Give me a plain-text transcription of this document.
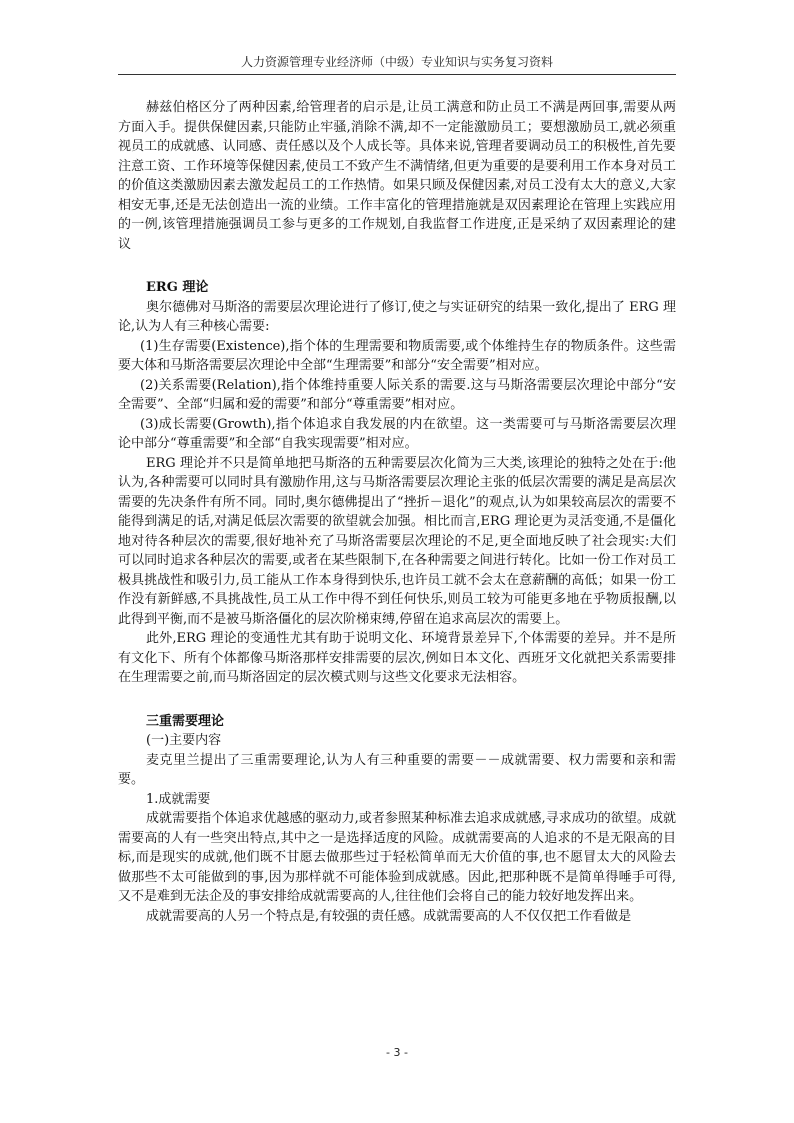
人力资源管理专业经济师（中级）专业知识与实务复习资料

赫兹伯格区分了两种因素,给管理者的启示是,让员工满意和防止员工不满是两回事,需要从两方面入手。提供保健因素,只能防止牢骚,消除不满,却不一定能激励员工；要想激励员工,就必须重视员工的成就感、认同感、责任感以及个人成长等。具体来说,管理者要调动员工的积极性,首先要注意工资、工作环境等保健因素,使员工不致产生不满情绪,但更为重要的是要利用工作本身对员工的价值这类激励因素去激发起员工的工作热情。如果只顾及保健因素,对员工没有太大的意义,大家相安无事,还是无法创造出一流的业绩。工作丰富化的管理措施就是双因素理论在管理上实践应用的一例,该管理措施强调员工参与更多的工作规划,自我监督工作进度,正是采纳了双因素理论的建议

ERG 理论

奥尔德佛对马斯洛的需要层次理论进行了修订,使之与实证研究的结果一致化,提出了 ERG 理论,认为人有三种核心需要:

(1)生存需要(Existence),指个体的生理需要和物质需要,或个体维持生存的物质条件。这些需要大体和马斯洛需要层次理论中全部“生理需要”和部分“安全需要”相对应。

(2)关系需要(Relation),指个体维持重要人际关系的需要.这与马斯洛需要层次理论中部分“安全需要”、全部“归属和爱的需要”和部分“尊重需要”相对应。

(3)成长需要(Growth),指个体追求自我发展的内在欲望。这一类需要可与马斯洛需要层次理论中部分“尊重需要”和全部“自我实现需要”相对应。

ERG 理论并不只是简单地把马斯洛的五种需要层次化简为三大类,该理论的独特之处在于:他认为,各种需要可以同时具有激励作用,这与马斯洛需要层次理论主张的低层次需要的满足是高层次需要的先决条件有所不同。同时,奥尔德佛提出了“挫折－退化”的观点,认为如果较高层次的需要不能得到满足的话,对满足低层次需要的欲望就会加强。相比而言,ERG 理论更为灵活变通,不是僵化地对待各种层次的需要,很好地补充了马斯洛需要层次理论的不足,更全面地反映了社会现实:大们可以同时追求各种层次的需要,或者在某些限制下,在各种需要之间进行转化。比如一份工作对员工极具挑战性和吸引力,员工能从工作本身得到快乐,也许员工就不会太在意薪酬的高低；如果一份工作没有新鲜感,不具挑战性,员工从工作中得不到任何快乐,则员工较为可能更多地在乎物质报酬,以此得到平衡,而不是被马斯洛僵化的层次阶梯束缚,停留在追求高层次的需要上。

此外,ERG 理论的变通性尤其有助于说明文化、环境背景差异下,个体需要的差异。并不是所有文化下、所有个体都像马斯洛那样安排需要的层次,例如日本文化、西班牙文化就把关系需要排在生理需要之前,而马斯洛固定的层次模式则与这些文化要求无法相容。

三重需要理论

(一)主要内容

麦克里兰提出了三重需要理论,认为人有三种重要的需要－－成就需要、权力需要和亲和需要。

1.成就需要

成就需要指个体追求优越感的驱动力,或者参照某种标准去追求成就感,寻求成功的欲望。成就需要高的人有一些突出特点,其中之一是选择适度的风险。成就需要高的人追求的不是无限高的目标,而是现实的成就,他们既不甘愿去做那些过于轻松简单而无大价值的事,也不愿冒太大的风险去做那些不太可能做到的事,因为那样就不可能体验到成就感。因此,把那种既不是简单得唾手可得,又不是难到无法企及的事安排给成就需要高的人,往往他们会将自己的能力较好地发挥出来。

成就需要高的人另一个特点是,有较强的责任感。成就需要高的人不仅仅把工作看做是

- 3 -
